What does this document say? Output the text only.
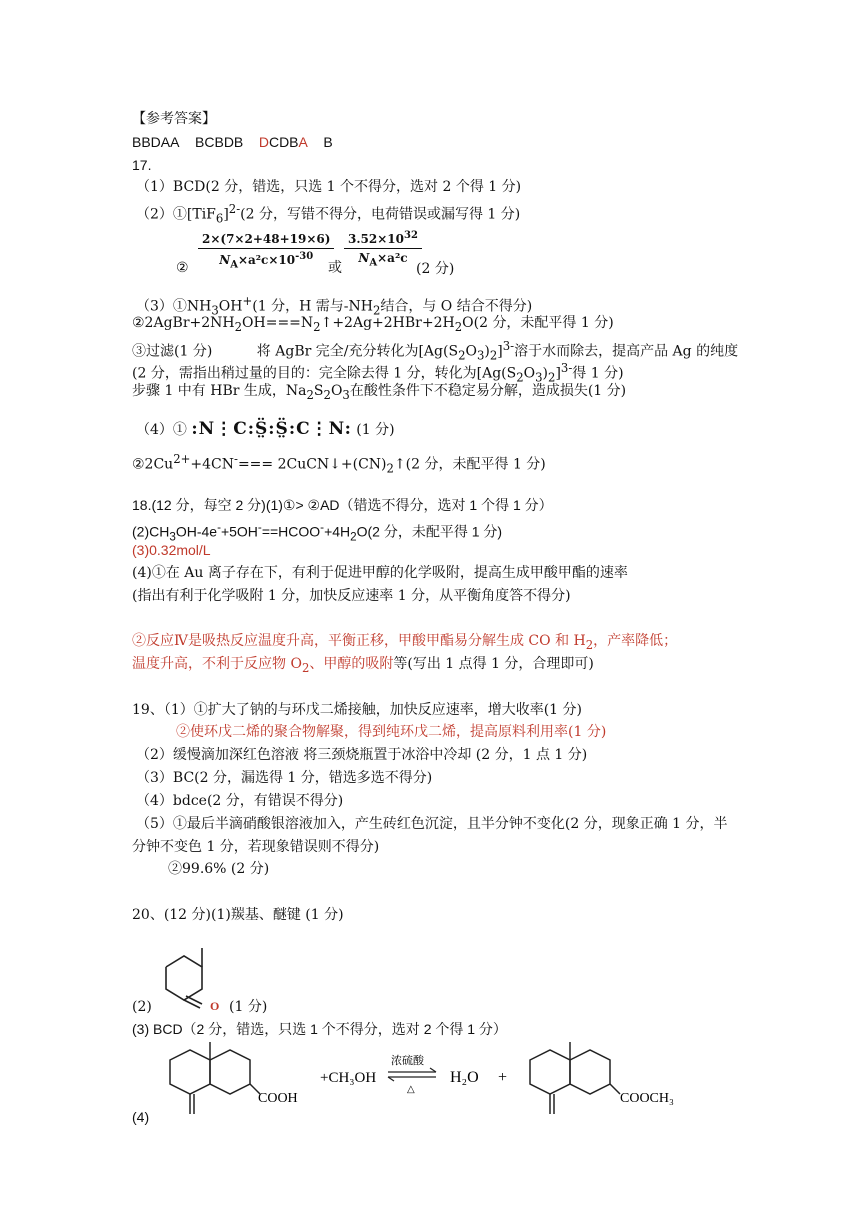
【参考答案】
BBDAA BCBDB DCDBA B
17.
（1）BCD(2 分，错选，只选 1 个不得分，选对 2 个得 1 分)
$(2)①[TiF_6]^{2-}(2$ 分，写错不得分，电荷错误或漏写得 1 分)
$\frac{2\times(7\times 2+48+19\times 6)}{N_A\times a^2c\times 10^{-30}}$
②	或 $\frac{3.52\times 10^{32}}{N_A\times a^2c}$
(2 分)
$(3)①NH_3OH^+(1$ 分，H 需与$-NH_2$结合，与 O 结合不得分)
$②2AgBr+2NH_2OH===N_2↑+2Ag+2HBr+2H_2O(2$ 分，未配平得 1 分)
③过滤(1 分)	将 AgBr 完全/充分转化为$[Ag(S_2O_3)_2]^{3-}$溶于水而除去，提高产品 Ag 的纯度
(2 分，需指出稍过量的目的：完全除去得 1 分，转化为$[Ag(S_2O_3)_2]^{3-}$得 1 分)
步骤 1 中有 HBr 生成，$Na_2S_2O_3$在酸性条件下不稳定易分解，造成损失(1 分)
（4）① :N⋮C:S̤̈:S̤̈:C⋮N: (1 分)
$②2Cu^{2+}+4CN^-===$ $2CuCN↓+(CN)_2↑(2$ 分，未配平得 1 分)
18.(12 分，每空 2 分)(1)①> ②AD（错选不得分，选对 1 个得 1 分）
$(2)CH_3OH-4e^-+5OH^-==HCOO^-+4H_2O(2$ 分，未配平得 1 分)
(3)0.32mol/L
(4)①在 Au 离子存在下，有利于促进甲醇的化学吸附，提高生成甲酸甲酯的速率
(指出有利于化学吸附 1 分，加快反应速率 1 分，从平衡角度答不得分)
②反应Ⅳ是吸热反应温度升高，平衡正移，甲酸甲酯易分解生成 CO 和 $H_2$，产率降低；
温度升高，不利于反应物 $O_2$、甲醇的吸附等(写出 1 点得 1 分，合理即可)
19、（1）①扩大了钠的与环戊二烯接触，加快反应速率，增大收率(1 分)
②使环戊二烯的聚合物解聚，得到纯环戊二烯，提高原料利用率(1 分)
（2）缓慢滴加深红色溶液 将三颈烧瓶置于冰浴中冷却 (2 分，1 点 1 分)
（3）BC(2 分，漏选得 1 分，错选多选不得分)
（4）bdce(2 分，有错误不得分)
（5）①最后半滴硝酸银溶液加入，产生砖红色沉淀，且半分钟不变化(2 分，现象正确 1 分，半
分钟不变色 1 分，若现象错误则不得分)
②99.6% (2 分)
20、(12 分)(1)羰基、醚键 (1 分)
O
(2)	(1 分)
(3) BCD（2 分，错选，只选 1 个不得分，选对 2 个得 1 分）
COOH
+CH₃OH
浓硫酸
△
H₂O +
COOCH₃
(4)
